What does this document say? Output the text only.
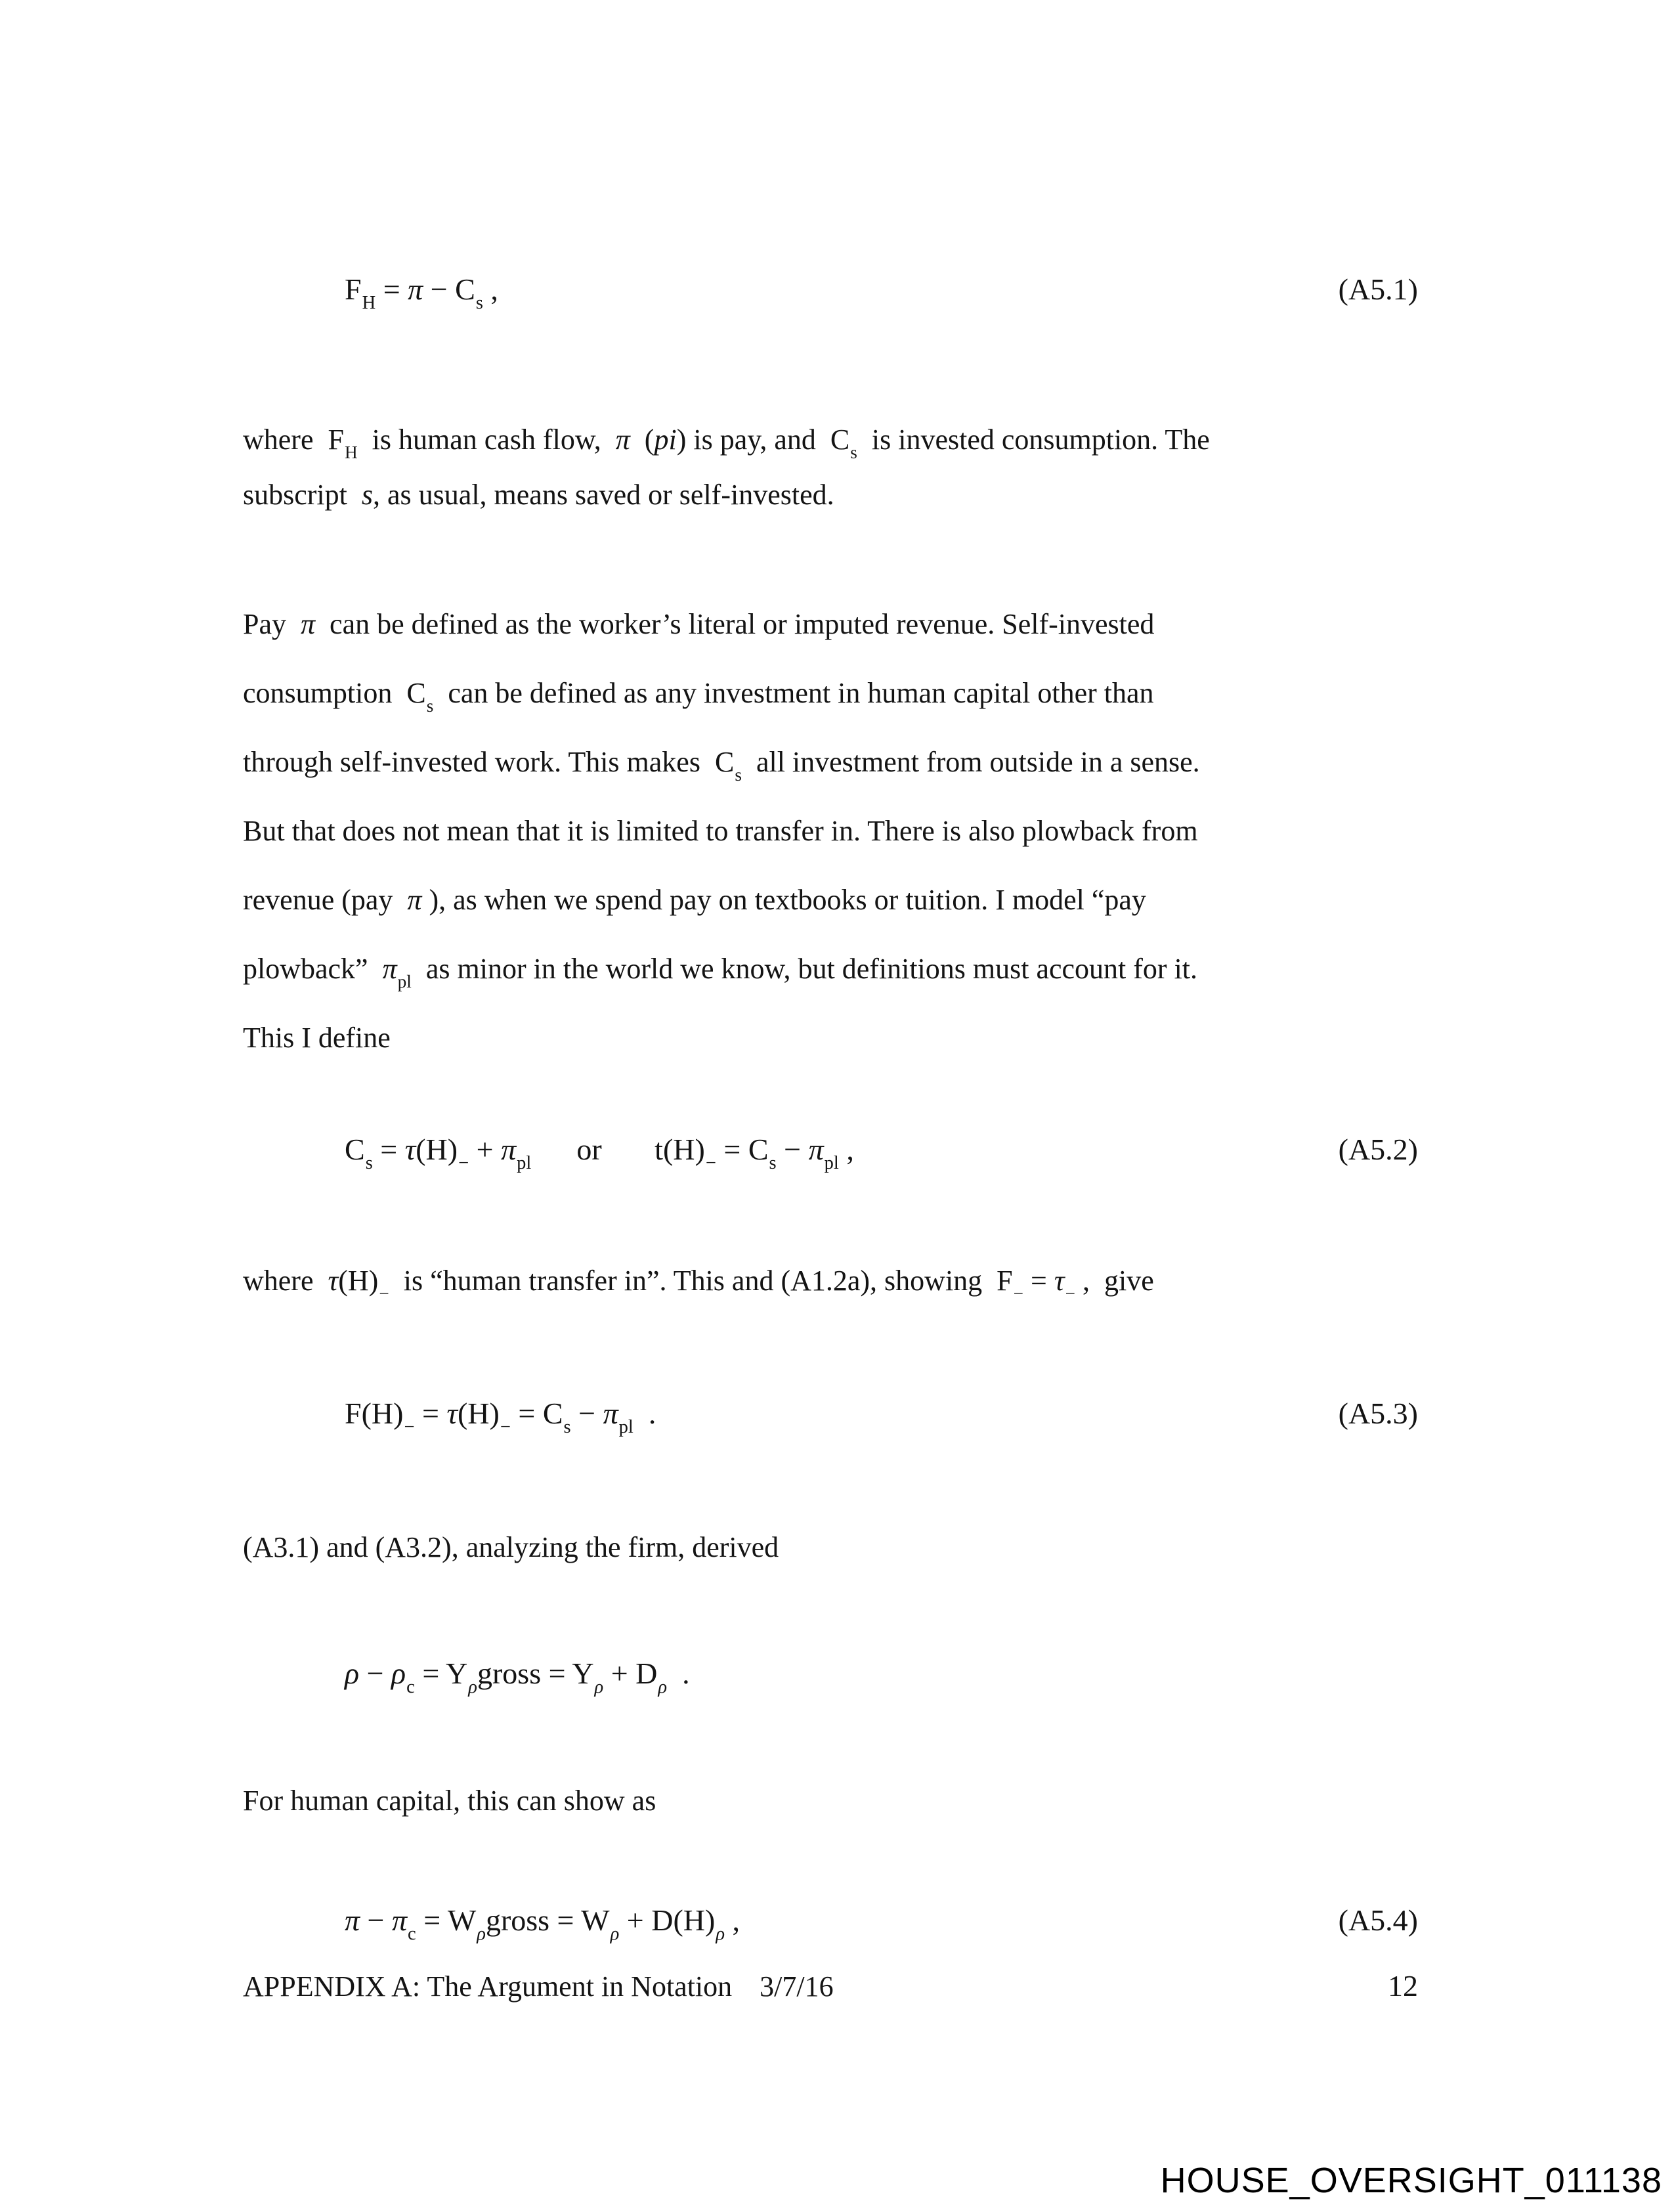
$F_H = \pi - C_s$ ,	(A5.1)
where  $F_H$  is human cash flow,  π  (pi) is pay, and  $C_s$  is invested consumption. The
subscript  s, as usual, means saved or self-invested.
Pay  π  can be defined as the worker’s literal or imputed revenue. Self-invested
consumption  $C_s$  can be defined as any investment in human capital other than
through self-invested work. This makes  $C_s$  all investment from outside in a sense.
But that does not mean that it is limited to transfer in. There is also plowback from
revenue (pay  π ), as when we spend pay on textbooks or tuition. I model “pay
plowback”  $\pi_{pl}$  as minor in the world we know, but definitions must account for it.
This I define
$C_s = \tau(H)_- + \pi_{pl}$      or       $t(H)_- = C_s - \pi_{pl}$ ,	(A5.2)
where  $\tau(H)_-$  is “human transfer in”. This and (A1.2a), showing  $F_- = \tau_-$ ,  give
$F(H)_- = \tau(H)_- = C_s - \pi_{pl}$  .	(A5.3)
(A3.1) and (A3.2), analyzing the firm, derived
$\rho - \rho_c$ = $Y_\rho gross = Y_\rho + D_\rho$  .
For human capital, this can show as
$\pi - \pi_c$ = $W_\rho gross = W_\rho + D(H)_\rho$ ,	(A5.4)
APPENDIX A: The Argument in Notation 3/7/16	12
HOUSE_OVERSIGHT_011138
